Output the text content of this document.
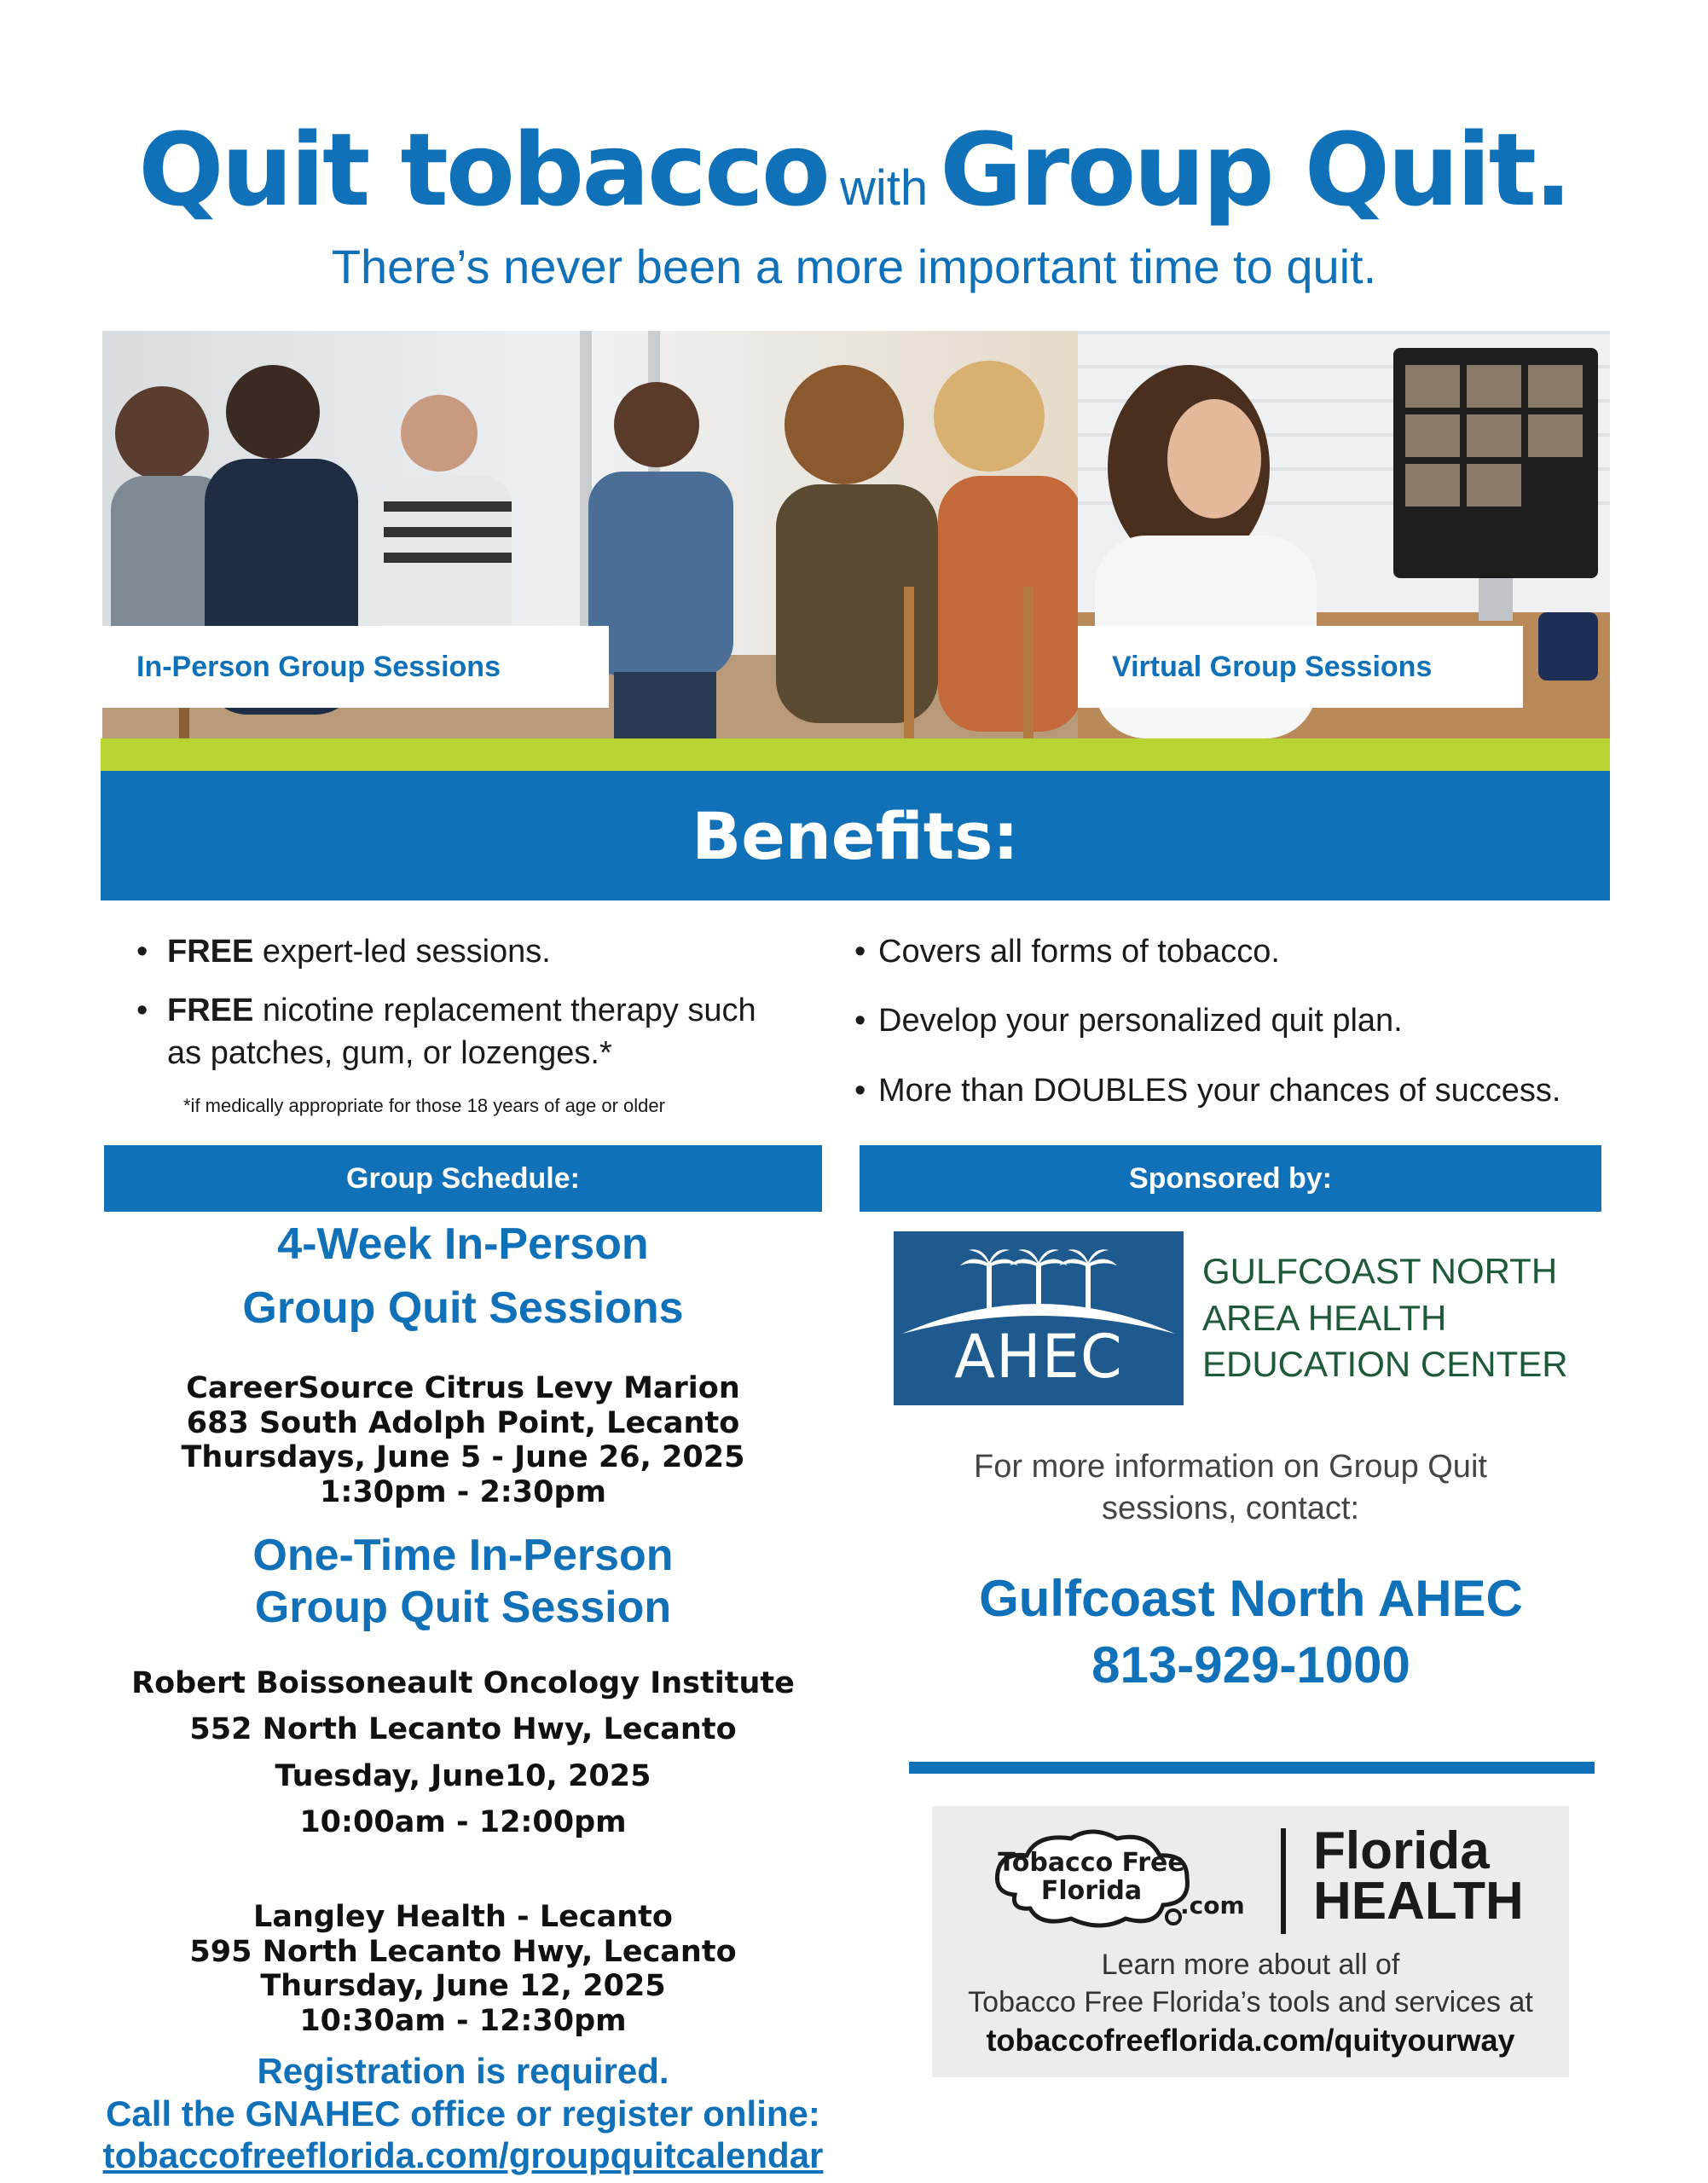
Quit tobacco with Group Quit.
There’s never been a more important time to quit.
In-Person Group Sessions	Virtual Group Sessions
Benefits:
• FREE expert-led sessions.
• FREE nicotine replacement therapy such as patches, gum, or lozenges.*
*if medically appropriate for those 18 years of age or older
• Covers all forms of tobacco.
• Develop your personalized quit plan.
• More than DOUBLES your chances of success.
Group Schedule:
4-Week In-Person
Group Quit Sessions
CareerSource Citrus Levy Marion
683 South Adolph Point, Lecanto
Thursdays, June 5 - June 26, 2025
1:30pm - 2:30pm
One-Time In-Person
Group Quit Session
Robert Boissoneault Oncology Institute
552 North Lecanto Hwy, Lecanto
Tuesday, June10, 2025
10:00am - 12:00pm
Langley Health - Lecanto
595 North Lecanto Hwy, Lecanto
Thursday, June 12, 2025
10:30am - 12:30pm
Registration is required.
Call the GNAHEC office or register online:
tobaccofreeflorida.com/groupquitcalendar
Sponsored by:
AHEC
GULFCOAST NORTH
AREA HEALTH
EDUCATION CENTER
For more information on Group Quit
sessions, contact:
Gulfcoast North AHEC
813-929-1000
Tobacco Free
Florida	.com
Florida
HEALTH
Learn more about all of
Tobacco Free Florida’s tools and services at
tobaccofreeflorida.com/quityourway
